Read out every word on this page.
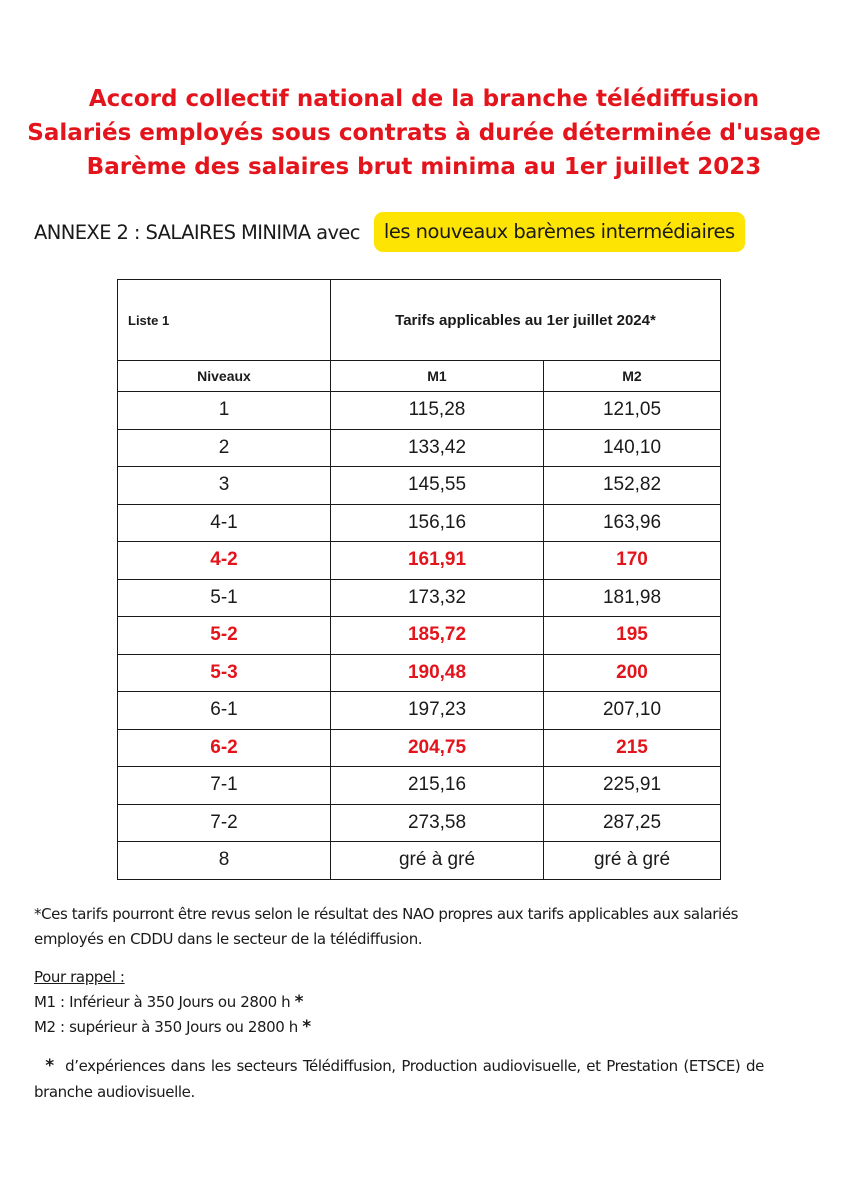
Accord collectif national de la branche télédiffusion
Salariés employés sous contrats à durée déterminée d'usage
Barème des salaires brut minima au 1er juillet 2023
ANNEXE 2 : SALAIRES MINIMA avec	les nouveaux barèmes intermédiaires
Liste 1	Tarifs applicables au 1er juillet 2024*	
Niveaux	M1	M2
1	115,28	121,05
2	133,42	140,10
3	145,55	152,82
4-1	156,16	163,96
4-2	161,91	170
5-1	173,32	181,98
5-2	185,72	195
5-3	190,48	200
6-1	197,23	207,10
6-2	204,75	215
7-1	215,16	225,91
7-2	273,58	287,25
8	gré à gré	gré à gré
*Ces tarifs pourront être revus selon le résultat des NAO propres aux tarifs applicables aux salariés employés en CDDU dans le secteur de la télédiffusion.
Pour rappel :
M1 : Inférieur à 350 Jours ou 2800 h *
M2 : supérieur à 350 Jours ou 2800 h *
* d’expériences dans les secteurs Télédiffusion, Production audiovisuelle, et Prestation (ETSCE) de branche audiovisuelle.
